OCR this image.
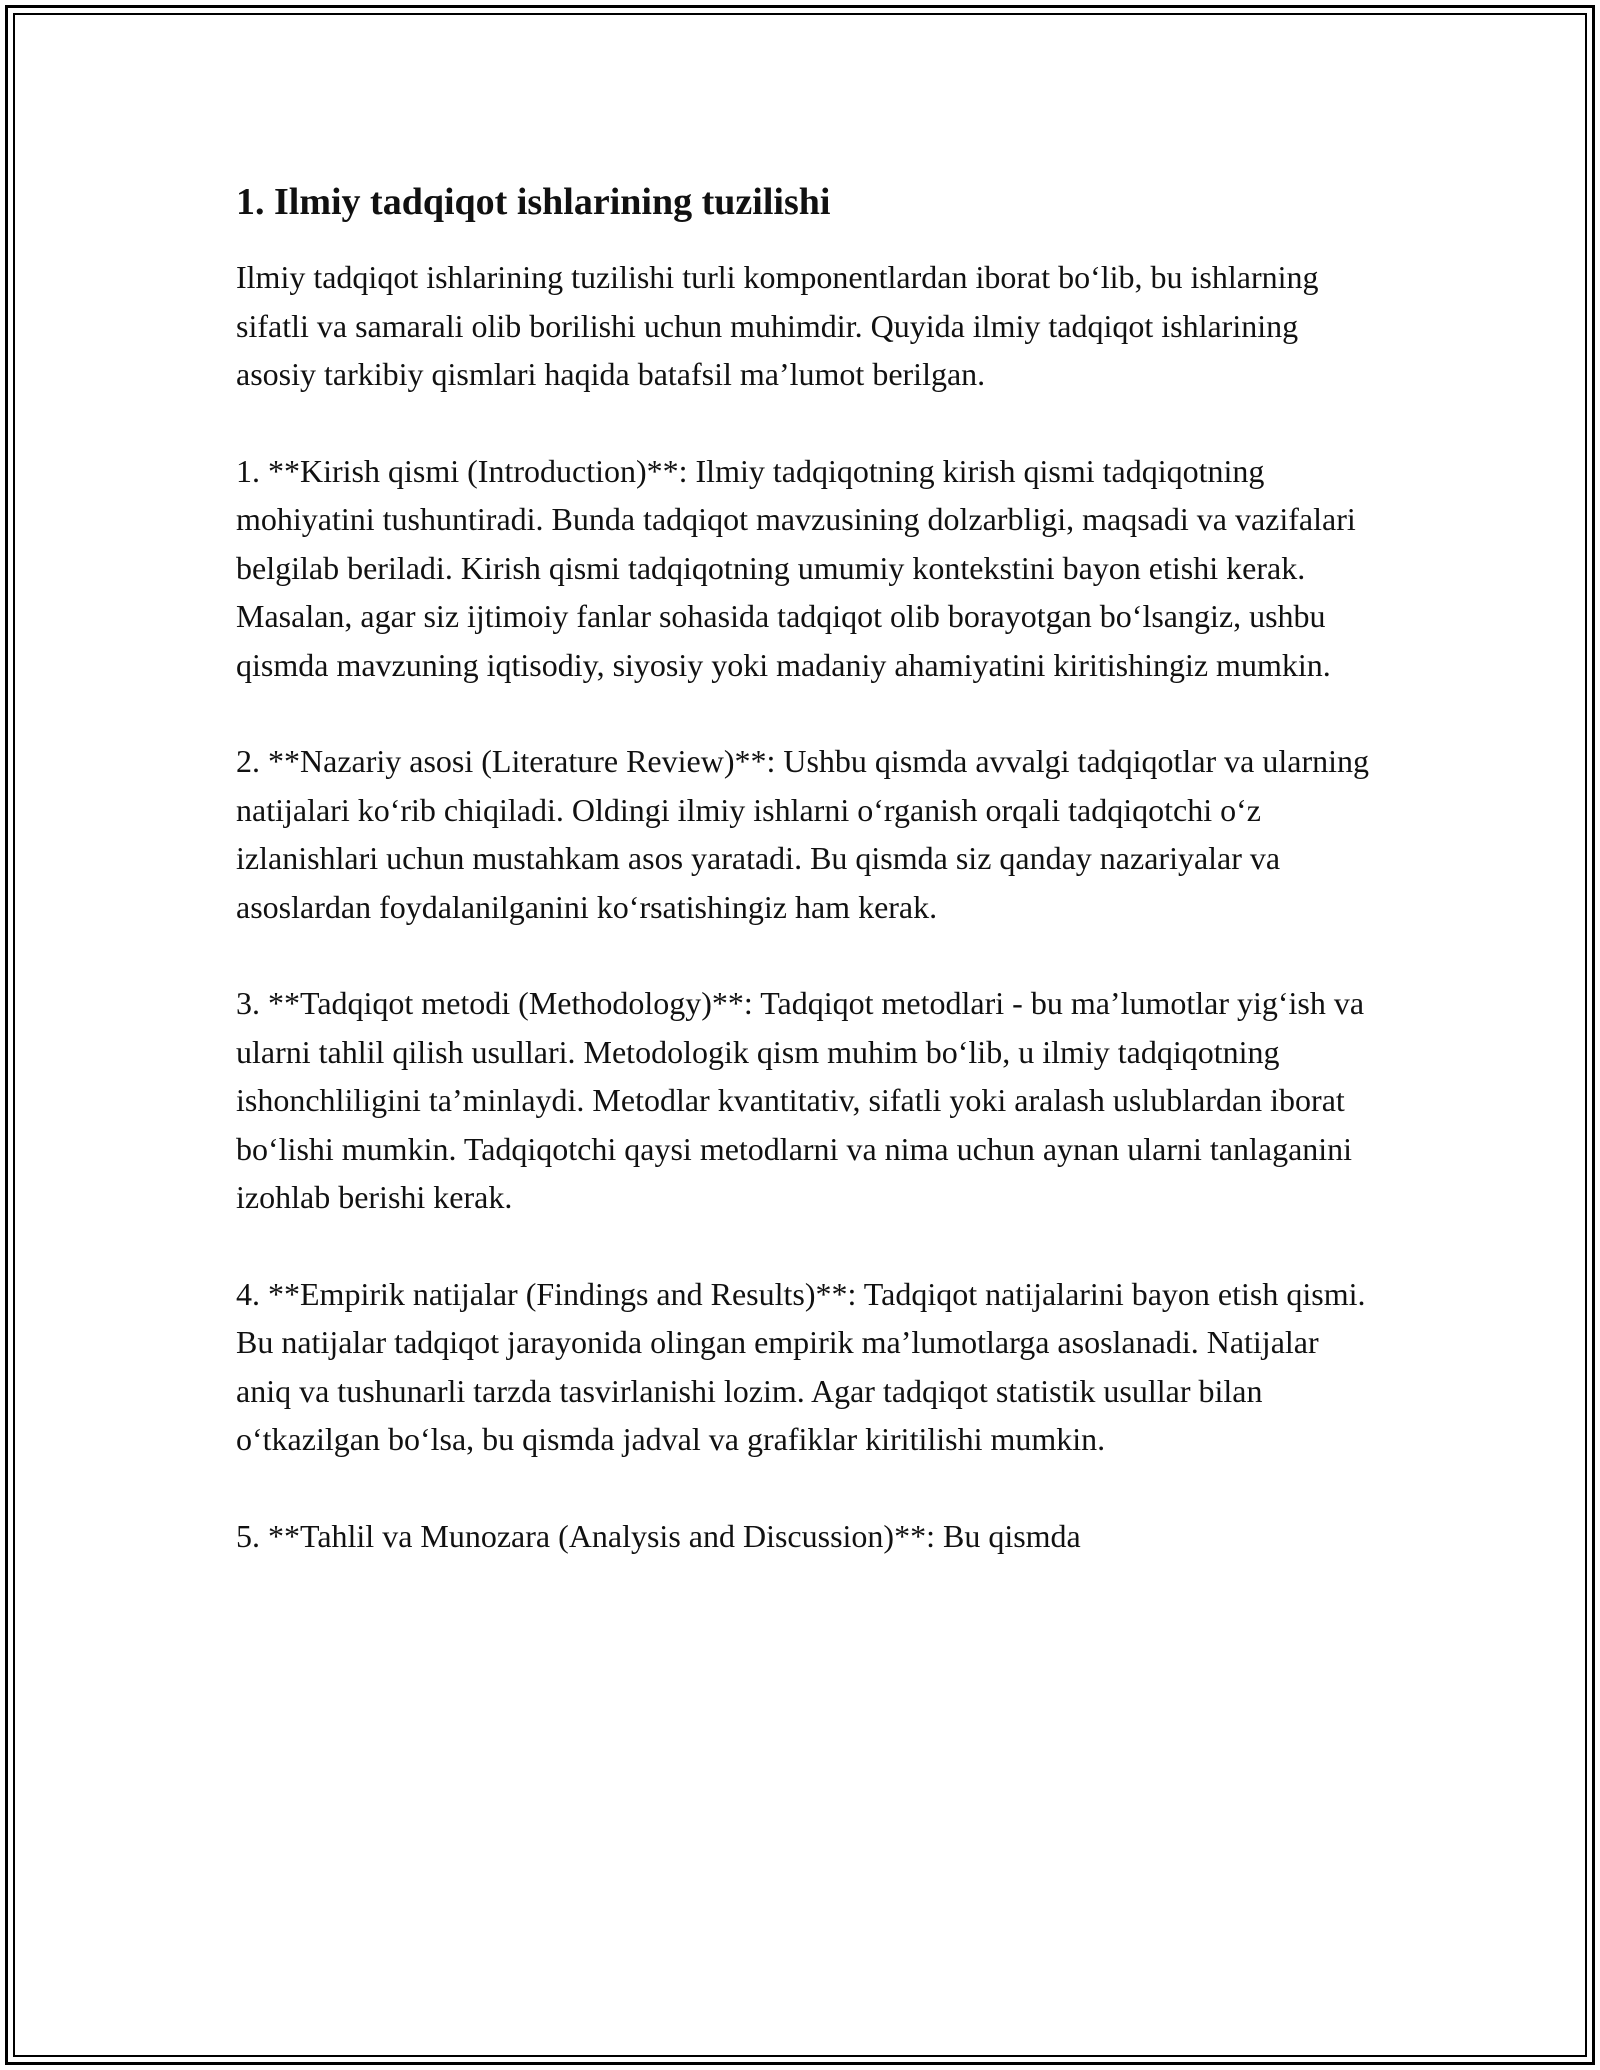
1. Ilmiy tadqiqot ishlarining tuzilishi

Ilmiy tadqiqot ishlarining tuzilishi turli komponentlardan iborat bo‘lib, bu ishlarning sifatli va samarali olib borilishi uchun muhimdir. Quyida ilmiy tadqiqot ishlarining asosiy tarkibiy qismlari haqida batafsil ma’lumot berilgan.

1. **Kirish qismi (Introduction)**: Ilmiy tadqiqotning kirish qismi tadqiqotning mohiyatini tushuntiradi. Bunda tadqiqot mavzusining dolzarbligi, maqsadi va vazifalari belgilab beriladi. Kirish qismi tadqiqotning umumiy kontekstini bayon etishi kerak. Masalan, agar siz ijtimoiy fanlar sohasida tadqiqot olib borayotgan bo‘lsangiz, ushbu qismda mavzuning iqtisodiy, siyosiy yoki madaniy ahamiyatini kiritishingiz mumkin.

2. **Nazariy asosi (Literature Review)**: Ushbu qismda avvalgi tadqiqotlar va ularning natijalari ko‘rib chiqiladi. Oldingi ilmiy ishlarni o‘rganish orqali tadqiqotchi o‘z izlanishlari uchun mustahkam asos yaratadi. Bu qismda siz qanday nazariyalar va asoslardan foydalanilganini ko‘rsatishingiz ham kerak.

3. **Tadqiqot metodi (Methodology)**: Tadqiqot metodlari - bu ma’lumotlar yig‘ish va ularni tahlil qilish usullari. Metodologik qism muhim bo‘lib, u ilmiy tadqiqotning ishonchliligini ta’minlaydi. Metodlar kvantitativ, sifatli yoki aralash uslublardan iborat bo‘lishi mumkin. Tadqiqotchi qaysi metodlarni va nima uchun aynan ularni tanlaganini izohlab berishi kerak.

4. **Empirik natijalar (Findings and Results)**: Tadqiqot natijalarini bayon etish qismi. Bu natijalar tadqiqot jarayonida olingan empirik ma’lumotlarga asoslanadi. Natijalar aniq va tushunarli tarzda tasvirlanishi lozim. Agar tadqiqot statistik usullar bilan o‘tkazilgan bo‘lsa, bu qismda jadval va grafiklar kiritilishi mumkin.

5. **Tahlil va Munozara (Analysis and Discussion)**: Bu qismda
